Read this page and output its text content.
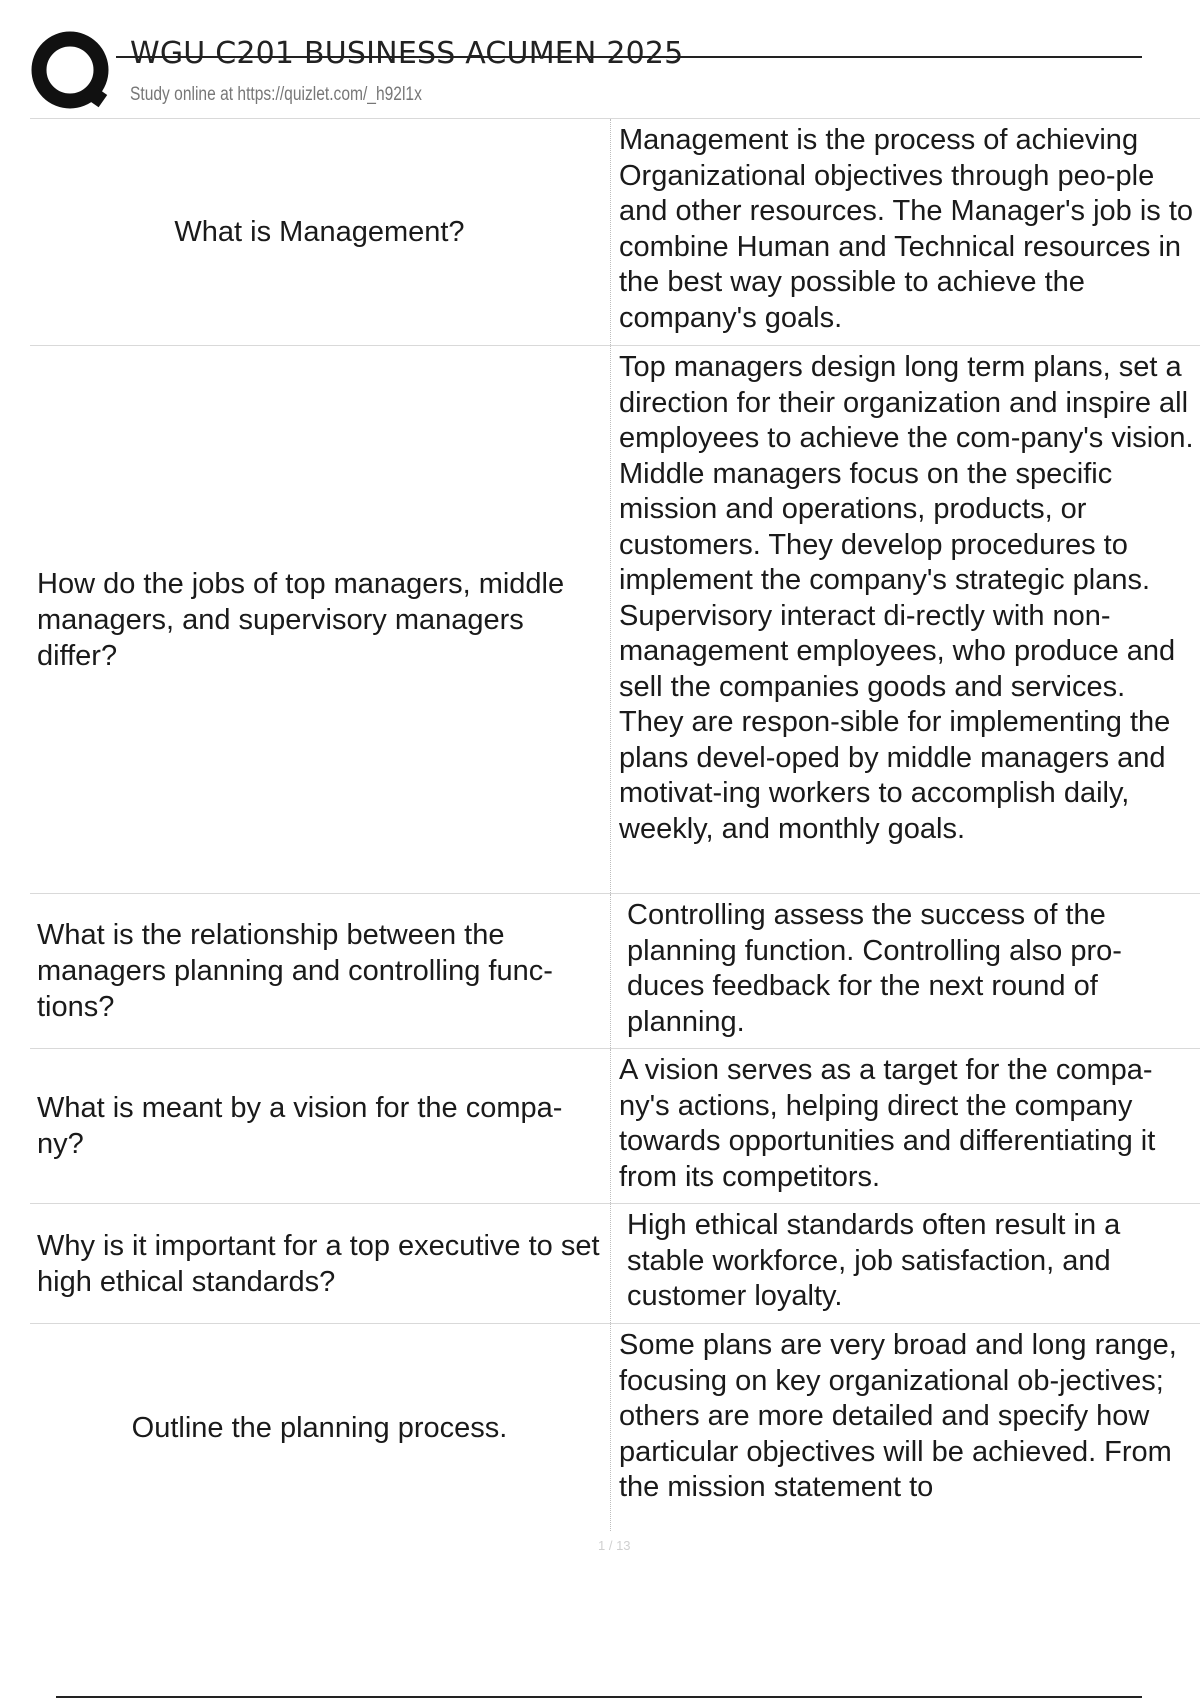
WGU C201 BUSINESS ACUMEN 2025
Study online at https://quizlet.com/_h92l1x
What is Management?
Management is the process of achieving Organizational objectives through peo-ple and other resources. The Manager's job is to combine Human and Technical resources in the best way possible to achieve the company's goals.
How do the jobs of top managers, middle managers, and supervisory managers differ?
Top managers design long term plans, set a direction for their organization and inspire all employees to achieve the com-pany's vision. Middle managers focus on the specific mission and operations, products, or customers. They develop procedures to implement the company's strategic plans. Supervisory interact di-rectly with non-management employees, who produce and sell the companies goods and services. They are respon-sible for implementing the plans devel-oped by middle managers and motivat-ing workers to accomplish daily, weekly, and monthly goals.
What is the relationship between the managers planning and controlling func-tions?
Controlling assess the success of the planning function. Controlling also pro-duces feedback for the next round of planning.
What is meant by a vision for the compa-ny?
A vision serves as a target for the compa-ny's actions, helping direct the company towards opportunities and differentiating it from its competitors.
Why is it important for a top executive to set high ethical standards?
High ethical standards often result in a stable workforce, job satisfaction, and customer loyalty.
Outline the planning process.
Some plans are very broad and long range, focusing on key organizational ob-jectives; others are more detailed and specify how particular objectives will be achieved. From the mission statement to
1 / 13
